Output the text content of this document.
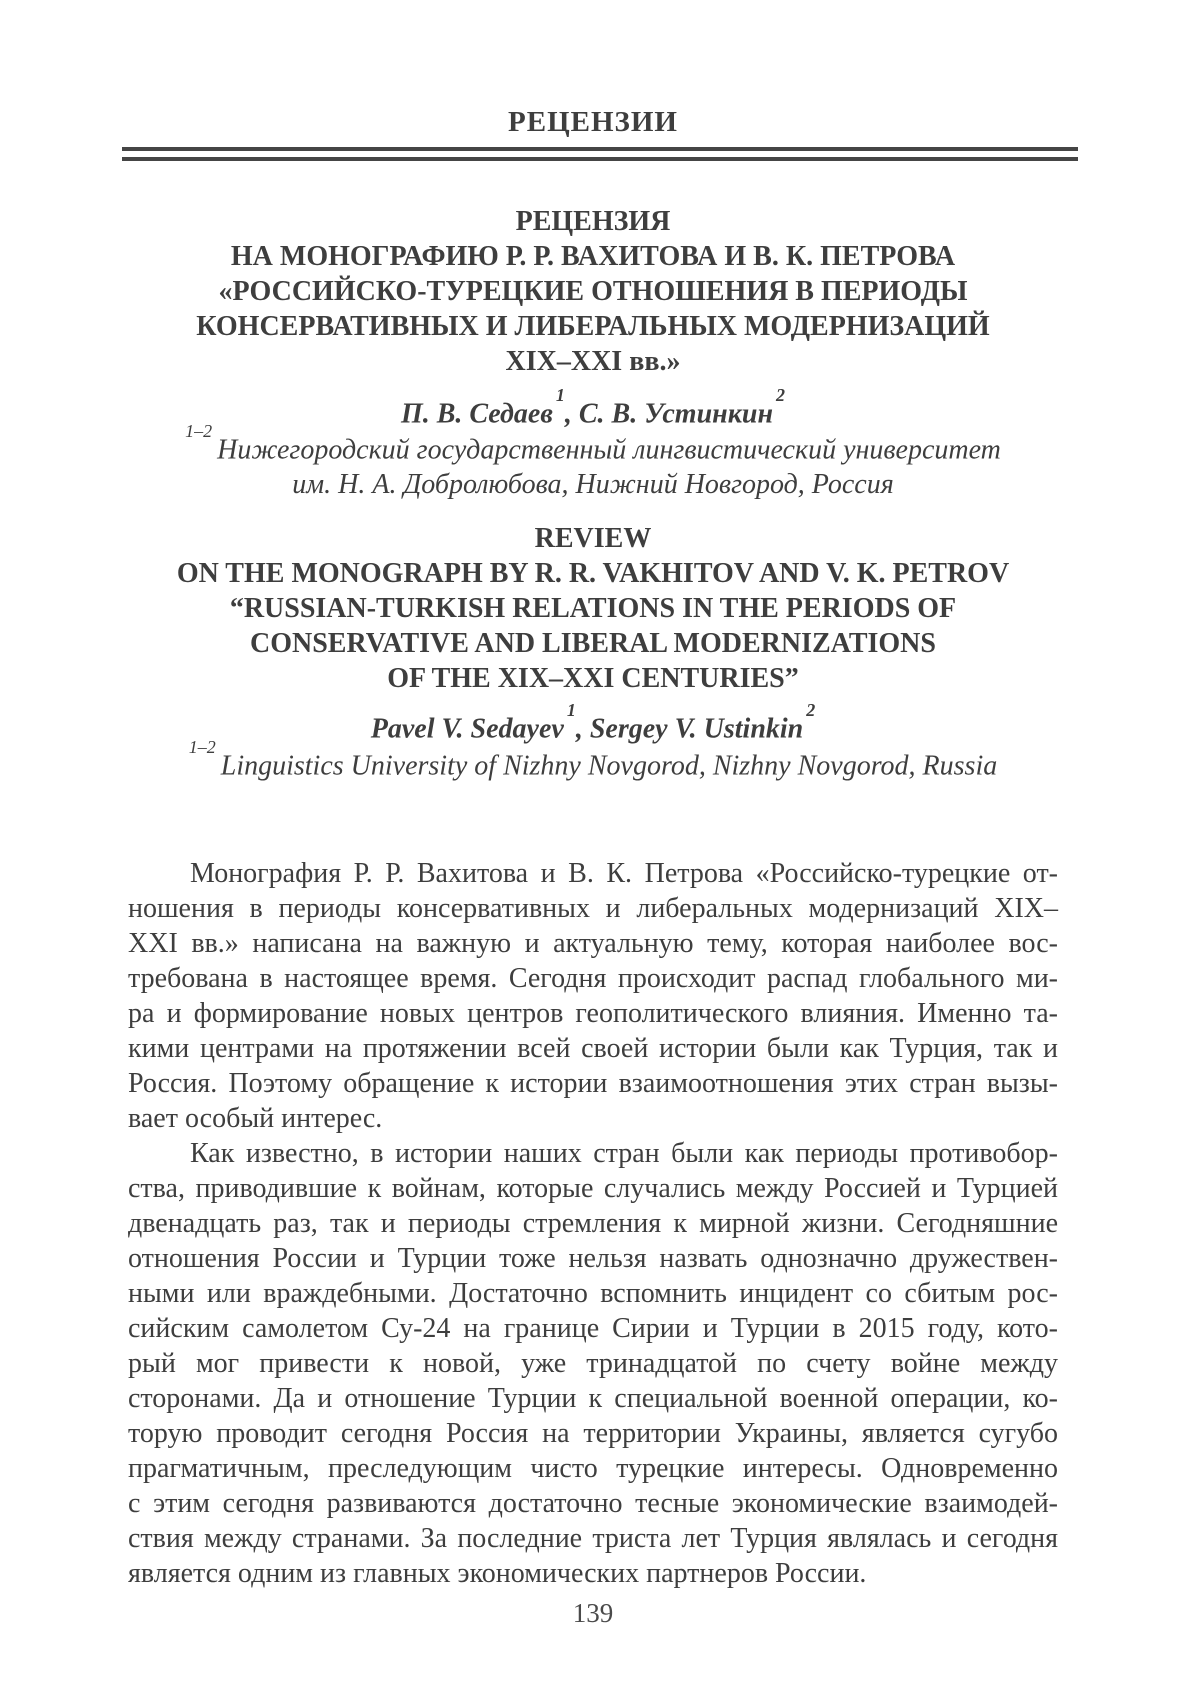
РЕЦЕНЗИИ
РЕЦЕНЗИЯ
НА МОНОГРАФИЮ Р. Р. ВАХИТОВА И В. К. ПЕТРОВА
«РОССИЙСКО-ТУРЕЦКИЕ ОТНОШЕНИЯ В ПЕРИОДЫ
КОНСЕРВАТИВНЫХ И ЛИБЕРАЛЬНЫХ МОДЕРНИЗАЦИЙ
XIX–XXI вв.»
П. В. Седаев$^1$, С. В. Устинкин$^2$
$^{1-2}$Нижегородский государственный лингвистический университет
им. Н. А. Добролюбова, Нижний Новгород, Россия
REVIEW
ON THE MONOGRAPH BY R. R. VAKHITOV AND V. K. PETROV
“RUSSIAN-TURKISH RELATIONS IN THE PERIODS OF
CONSERVATIVE AND LIBERAL MODERNIZATIONS
OF THE XIX–XXI CENTURIES”
Pavel V. Sedayev$^1$, Sergey V. Ustinkin$^2$
$^{1-2}$Linguistics University of Nizhny Novgorod, Nizhny Novgorod, Russia
Монография Р. Р. Вахитова и В. К. Петрова «Российско-турецкие от-
ношения в периоды консервативных и либеральных модернизаций XIX–
XXI вв.» написана на важную и актуальную тему, которая наиболее вос-
требована в настоящее время. Сегодня происходит распад глобального ми-
ра и формирование новых центров геополитического влияния. Именно та-
кими центрами на протяжении всей своей истории были как Турция, так и
Россия. Поэтому обращение к истории взаимоотношения этих стран вызы-
вает особый интерес.
Как известно, в истории наших стран были как периоды противобор-
ства, приводившие к войнам, которые случались между Россией и Турцией
двенадцать раз, так и периоды стремления к мирной жизни. Сегодняшние
отношения России и Турции тоже нельзя назвать однозначно дружествен-
ными или враждебными. Достаточно вспомнить инцидент со сбитым рос-
сийским самолетом Су-24 на границе Сирии и Турции в 2015 году, кото-
рый мог привести к новой, уже тринадцатой по счету войне между
сторонами. Да и отношение Турции к специальной военной операции, ко-
торую проводит сегодня Россия на территории Украины, является сугубо
прагматичным, преследующим чисто турецкие интересы. Одновременно
с этим сегодня развиваются достаточно тесные экономические взаимодей-
ствия между странами. За последние триста лет Турция являлась и сегодня
является одним из главных экономических партнеров России.
139
